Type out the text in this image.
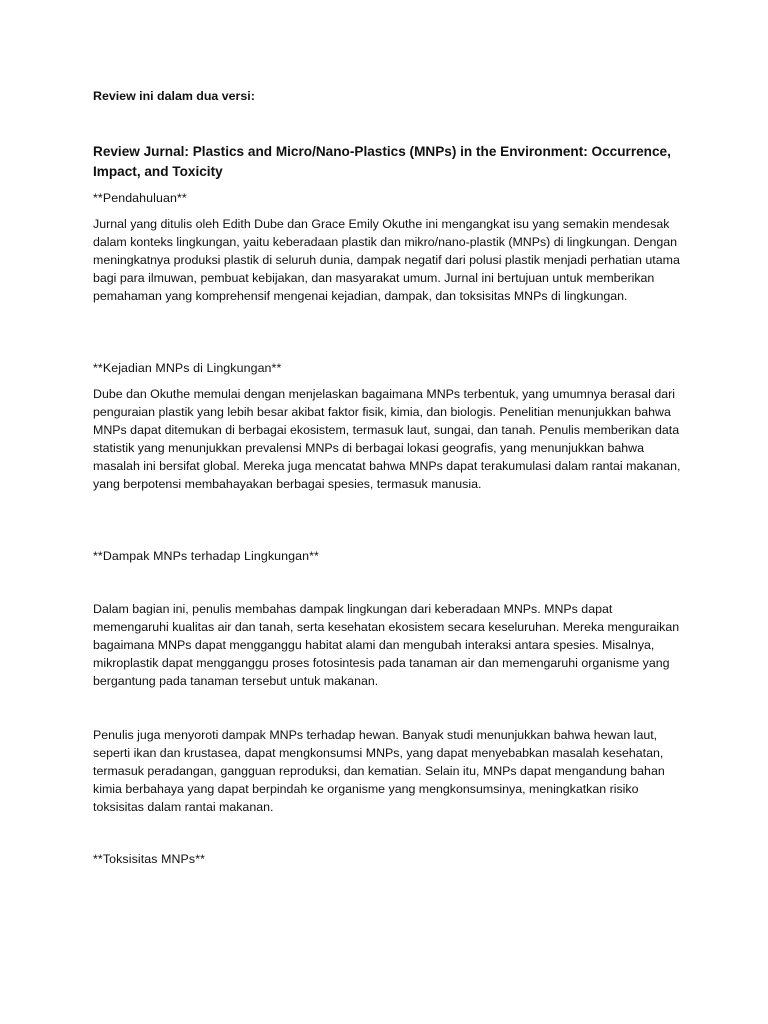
Review ini dalam dua versi:
Review Jurnal: Plastics and Micro/Nano-Plastics (MNPs) in the Environment: Occurrence, Impact, and Toxicity
**Pendahuluan**

Jurnal yang ditulis oleh Edith Dube dan Grace Emily Okuthe ini mengangkat isu yang semakin mendesak dalam konteks lingkungan, yaitu keberadaan plastik dan mikro/nano-plastik (MNPs) di lingkungan. Dengan meningkatnya produksi plastik di seluruh dunia, dampak negatif dari polusi plastik menjadi perhatian utama bagi para ilmuwan, pembuat kebijakan, dan masyarakat umum. Jurnal ini bertujuan untuk memberikan pemahaman yang komprehensif mengenai kejadian, dampak, dan toksisitas MNPs di lingkungan.

**Kejadian MNPs di Lingkungan**

Dube dan Okuthe memulai dengan menjelaskan bagaimana MNPs terbentuk, yang umumnya berasal dari penguraian plastik yang lebih besar akibat faktor fisik, kimia, dan biologis. Penelitian menunjukkan bahwa MNPs dapat ditemukan di berbagai ekosistem, termasuk laut, sungai, dan tanah. Penulis memberikan data statistik yang menunjukkan prevalensi MNPs di berbagai lokasi geografis, yang menunjukkan bahwa masalah ini bersifat global. Mereka juga mencatat bahwa MNPs dapat terakumulasi dalam rantai makanan, yang berpotensi membahayakan berbagai spesies, termasuk manusia.

**Dampak MNPs terhadap Lingkungan**

Dalam bagian ini, penulis membahas dampak lingkungan dari keberadaan MNPs. MNPs dapat memengaruhi kualitas air dan tanah, serta kesehatan ekosistem secara keseluruhan. Mereka menguraikan bagaimana MNPs dapat mengganggu habitat alami dan mengubah interaksi antara spesies. Misalnya, mikroplastik dapat mengganggu proses fotosintesis pada tanaman air dan memengaruhi organisme yang bergantung pada tanaman tersebut untuk makanan.

Penulis juga menyoroti dampak MNPs terhadap hewan. Banyak studi menunjukkan bahwa hewan laut, seperti ikan dan krustasea, dapat mengkonsumsi MNPs, yang dapat menyebabkan masalah kesehatan, termasuk peradangan, gangguan reproduksi, dan kematian. Selain itu, MNPs dapat mengandung bahan kimia berbahaya yang dapat berpindah ke organisme yang mengkonsumsinya, meningkatkan risiko toksisitas dalam rantai makanan.

**Toksisitas MNPs**
